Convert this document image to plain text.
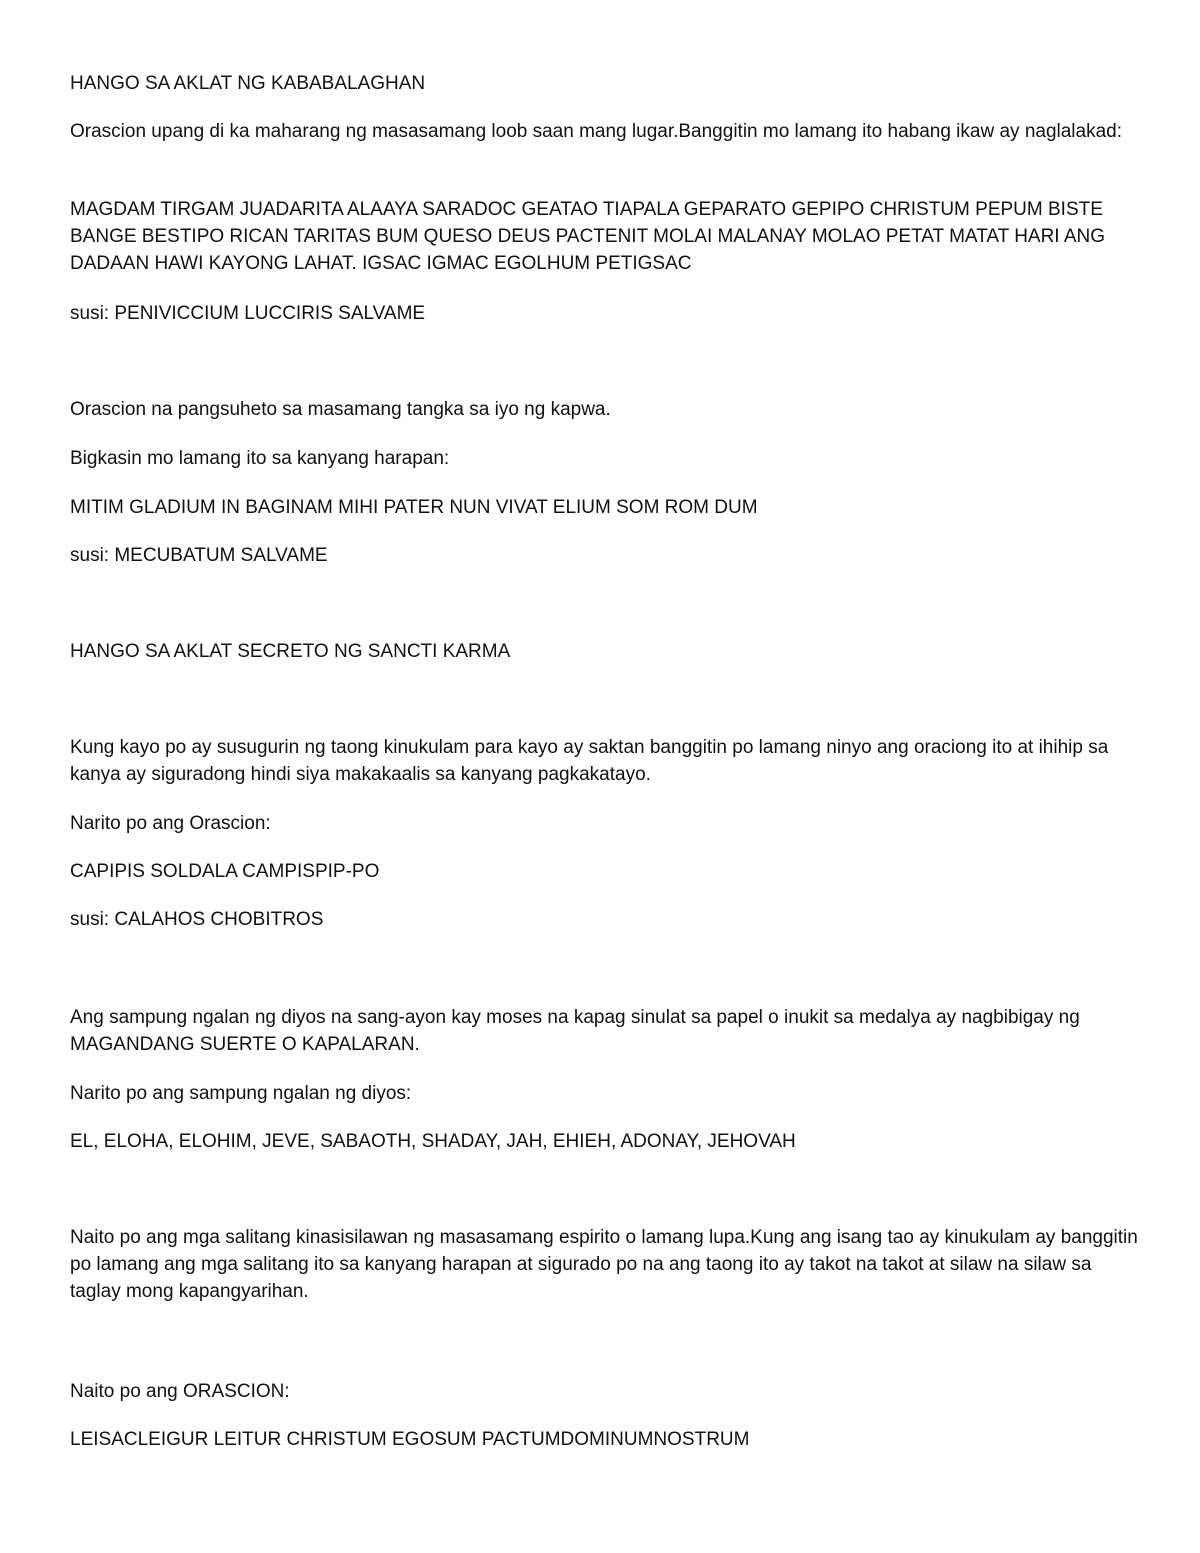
HANGO SA AKLAT NG KABABALAGHAN

Orascion upang di ka maharang ng masasamang loob saan mang lugar.Banggitin mo lamang ito habang ikaw ay naglalakad:

MAGDAM TIRGAM JUADARITA ALAAYA SARADOC GEATAO TIAPALA GEPARATO GEPIPO CHRISTUM PEPUM BISTE BANGE BESTIPO RICAN TARITAS BUM QUESO DEUS PACTENIT MOLAI MALANAY MOLAO PETAT MATAT HARI ANG DADAAN HAWI KAYONG LAHAT. IGSAC IGMAC EGOLHUM PETIGSAC

susi: PENIVICCIUM LUCCIRIS SALVAME

Orascion na pangsuheto sa masamang tangka sa iyo ng kapwa.

Bigkasin mo lamang ito sa kanyang harapan:

MITIM GLADIUM IN BAGINAM MIHI PATER NUN VIVAT ELIUM SOM ROM DUM

susi: MECUBATUM SALVAME

HANGO SA AKLAT SECRETO NG SANCTI KARMA

Kung kayo po ay susugurin ng taong kinukulam para kayo ay saktan banggitin po lamang ninyo ang oraciong ito at ihihip sa kanya ay siguradong hindi siya makakaalis sa kanyang pagkakatayo.

Narito po ang Orascion:

CAPIPIS SOLDALA CAMPISPIP-PO

susi: CALAHOS CHOBITROS

Ang sampung ngalan ng diyos na sang-ayon kay moses na kapag sinulat sa papel o inukit sa medalya ay nagbibigay ng MAGANDANG SUERTE O KAPALARAN.

Narito po ang sampung ngalan ng diyos:

EL, ELOHA, ELOHIM, JEVE, SABAOTH, SHADAY, JAH, EHIEH, ADONAY, JEHOVAH

Naito po ang mga salitang kinasisilawan ng masasamang espirito o lamang lupa.Kung ang isang tao ay kinukulam ay banggitin po lamang ang mga salitang ito sa kanyang harapan at sigurado po na ang taong ito ay takot na takot at silaw na silaw sa taglay mong kapangyarihan.

Naito po ang ORASCION:

LEISACLEIGUR LEITUR CHRISTUM EGOSUM PACTUMDOMINUMNOSTRUM
